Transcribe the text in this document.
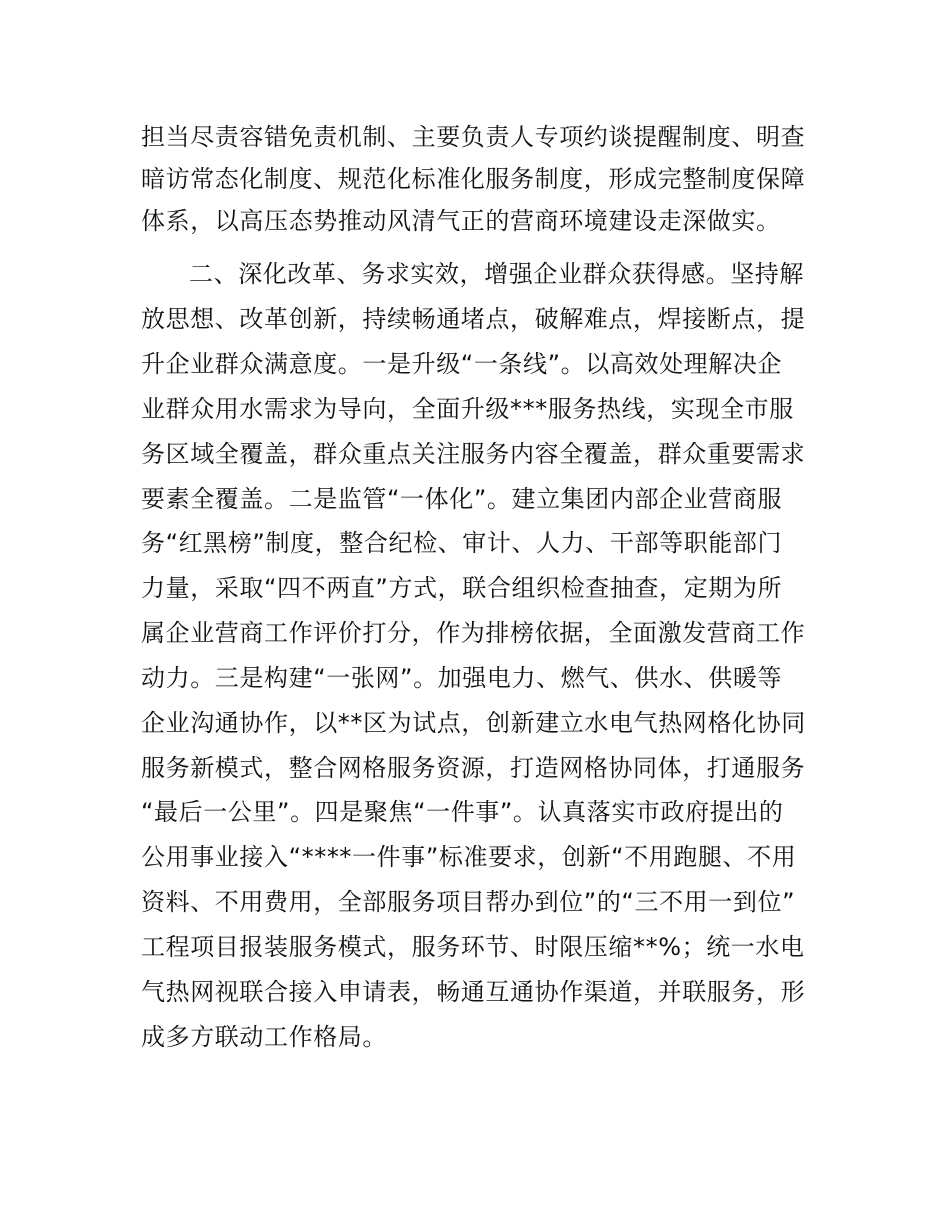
担当尽责容错免责机制、主要负责人专项约谈提醒制度、明查
暗访常态化制度、规范化标准化服务制度，形成完整制度保障
体系，以高压态势推动风清气正的营商环境建设走深做实。
二、深化改革、务求实效，增强企业群众获得感。坚持解
放思想、改革创新，持续畅通堵点，破解难点，焊接断点，提
升企业群众满意度。一是升级“一条线”。以高效处理解决企
业群众用水需求为导向，全面升级***服务热线，实现全市服
务区域全覆盖，群众重点关注服务内容全覆盖，群众重要需求
要素全覆盖。二是监管“一体化”。建立集团内部企业营商服
务“红黑榜”制度，整合纪检、审计、人力、干部等职能部门
力量，采取“四不两直”方式，联合组织检查抽查，定期为所
属企业营商工作评价打分，作为排榜依据，全面激发营商工作
动力。三是构建“一张网”。加强电力、燃气、供水、供暖等
企业沟通协作，以**区为试点，创新建立水电气热网格化协同
服务新模式，整合网格服务资源，打造网格协同体，打通服务
“最后一公里”。四是聚焦“一件事”。认真落实市政府提出的
公用事业接入“****一件事”标准要求，创新“不用跑腿、不用
资料、不用费用，全部服务项目帮办到位”的“三不用一到位”
工程项目报装服务模式，服务环节、时限压缩**%；统一水电
气热网视联合接入申请表，畅通互通协作渠道，并联服务，形
成多方联动工作格局。
